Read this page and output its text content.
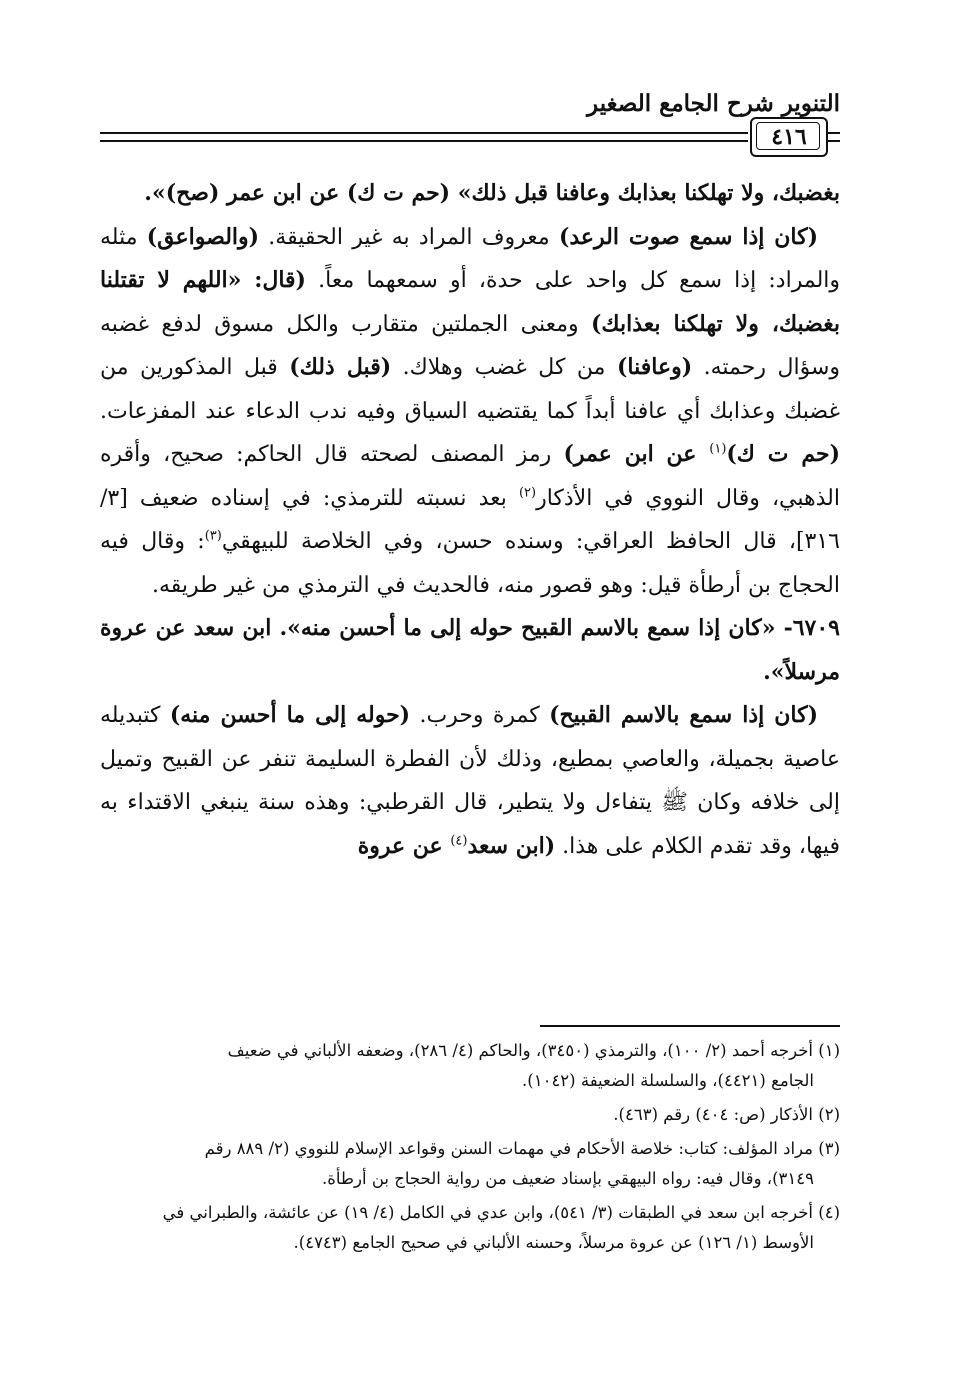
التنوير شرح الجامع الصغير
٤١٦

بغضبك، ولا تهلكنا بعذابك وعافنا قبل ذلك» (حم ت ك) عن ابن عمر (صح)».

 (كان إذا سمع صوت الرعد) معروف المراد به غير الحقيقة. (والصواعق) مثله والمراد: إذا سمع كل واحد على حدة، أو سمعهما معاً. (قال: «اللهم لا تقتلنا بغضبك، ولا تهلكنا بعذابك) ومعنى الجملتين متقارب والكل مسوق لدفع غضبه وسؤال رحمته. (وعافنا) من كل غضب وهلاك. (قبل ذلك) قبل المذكورين من غضبك وعذابك أي عافنا أبداً كما يقتضيه السياق وفيه ندب الدعاء عند المفزعات. (حم ت ك)$^{(١)}$ عن ابن عمر) رمز المصنف لصحته قال الحاكم: صحيح، وأقره الذهبي، وقال النووي في الأذكار$^{(٢)}$ بعد نسبته للترمذي: في إسناده ضعيف [٣/ ٣١٦]، قال الحافظ العراقي: وسنده حسن، وفي الخلاصة للبيهقي$^{(٣)}$: وقال فيه الحجاج بن أرطأة قيل: وهو قصور منه، فالحديث في الترمذي من غير طريقه.

٦٧٠٩- «كان إذا سمع بالاسم القبيح حوله إلى ما أحسن منه». ابن سعد عن عروة مرسلاً».

 (كان إذا سمع بالاسم القبيح) كمرة وحرب. (حوله إلى ما أحسن منه) كتبديله عاصية بجميلة، والعاصي بمطيع، وذلك لأن الفطرة السليمة تنفر عن القبيح وتميل إلى خلافه وكان ﷺ يتفاءل ولا يتطير، قال القرطبي: وهذه سنة ينبغي الاقتداء به فيها، وقد تقدم الكلام على هذا. (ابن سعد$^{(٤)}$ عن عروة

(١) أخرجه أحمد (٢/ ١٠٠)، والترمذي (٣٤٥٠)، والحاكم (٤/ ٢٨٦)، وضعفه الألباني في ضعيف
الجامع (٤٤٢١)، والسلسلة الضعيفة (١٠٤٢).

(٢) الأذكار (ص: ٤٠٤) رقم (٤٦٣).

(٣) مراد المؤلف: كتاب: خلاصة الأحكام في مهمات السنن وقواعد الإسلام للنووي (٢/ ٨٨٩ رقم
٣١٤٩)، وقال فيه: رواه البيهقي بإسناد ضعيف من رواية الحجاج بن أرطأة.

(٤) أخرجه ابن سعد في الطبقات (٣/ ٥٤١)، وابن عدي في الكامل (٤/ ١٩) عن عائشة، والطبراني في
الأوسط (١/ ١٢٦) عن عروة مرسلاً، وحسنه الألباني في صحيح الجامع (٤٧٤٣).
